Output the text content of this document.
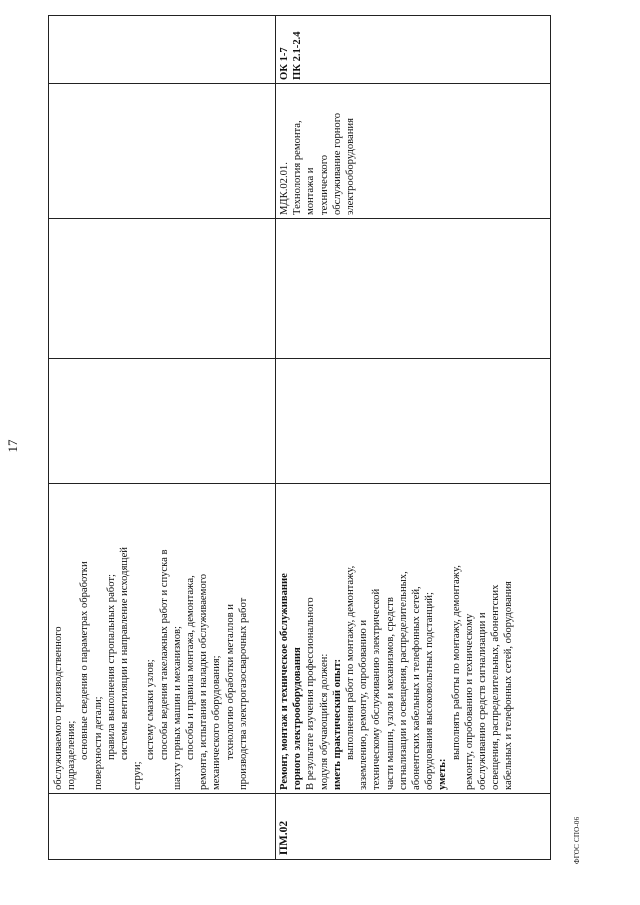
17
ФГОС СПО-06
обслуживаемого производственного подразделения; основные сведения о параметрах обработки поверхности детали; правила выполнения стропальных работ; системы вентиляции и направление исходящей
струи;
систему смазки узлов; способы ведения такелажных работ и спуска в шахту горных машин и механизмов; способы и правила монтажа, демонтажа, ремонта, испытания и наладки обслуживаемого механического оборудования; технологию обработки металлов и производства электрогазосварочных работ
ПМ.02
Ремонт, монтаж и техническое обслуживание горного электрооборудования В результате изучения профессионального модуля обучающийся должен: иметь практический опыт: выполнения работ по монтажу, демонтажу, заземлению, ремонту, опробованию и техническому обслуживанию электрической части машин, узлов и механизмов, средств сигнализации и освещения, распределительных, абонентских кабельных и телефонных сетей, оборудования высоковольтных подстанций; уметь:
выполнять работы по монтажу, демонтажу, ремонту, опробованию и техническому обслуживанию средств сигнализации и освещения, распределительных, абонентских кабельных и телефонных сетей, оборудования
МДК.02.01. Технология ремонта, монтажа и технического обслуживание горного электрооборудования
ОК 1-7 ПК 2.1-2.4
